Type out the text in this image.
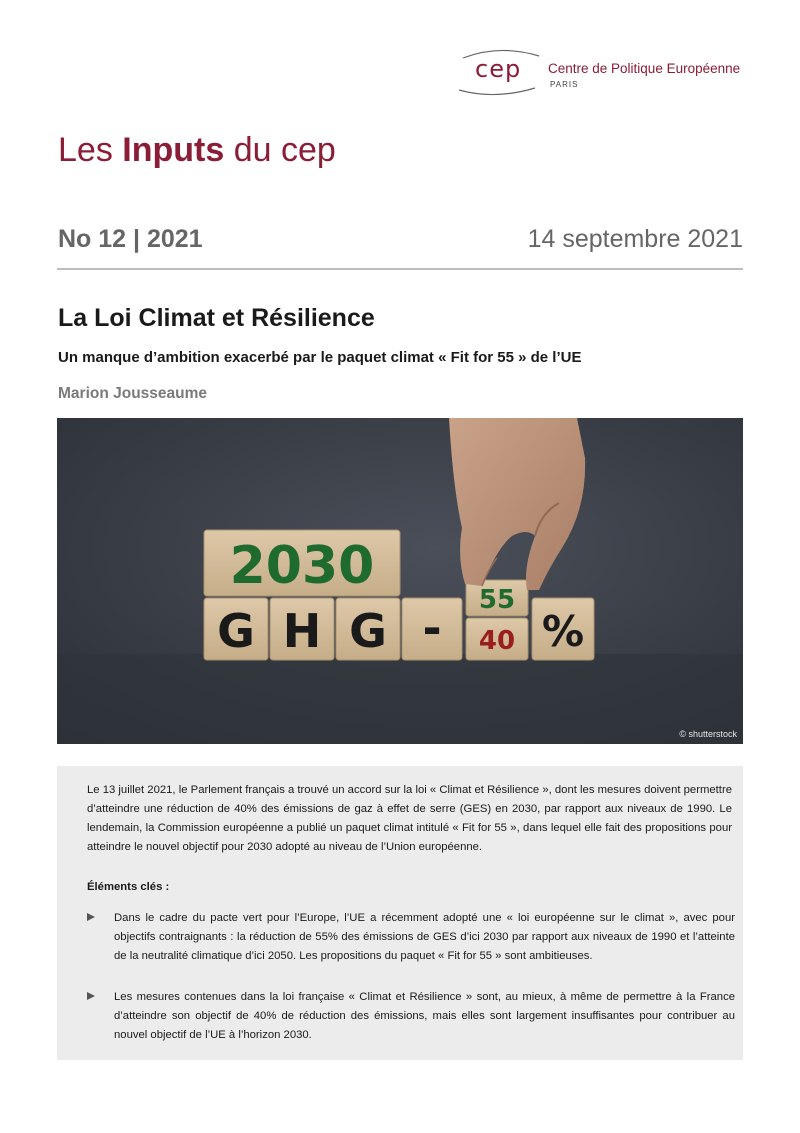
cep Centre de Politique Européenne
PARIS
Les Inputs du cep
No 12 | 2021	14 septembre 2021
La Loi Climat et Résilience
Un manque d’ambition exacerbé par le paquet climat « Fit for 55 » de l’UE
Marion Jousseaume
2030
G H G -
55
40 %
© shutterstock

Le 13 juillet 2021, le Parlement français a trouvé un accord sur la loi « Climat et Résilience », dont les mesures doivent permettre d’atteindre une réduction de 40% des émissions de gaz à effet de serre (GES) en 2030, par rapport aux niveaux de 1990. Le lendemain, la Commission européenne a publié un paquet climat intitulé « Fit for 55 », dans lequel elle fait des propositions pour atteindre le nouvel objectif pour 2030 adopté au niveau de l’Union européenne.

Éléments clés :

Dans le cadre du pacte vert pour l’Europe, l’UE a récemment adopté une « loi européenne sur le climat », avec pour objectifs contraignants : la réduction de 55% des émissions de GES d’ici 2030 par rapport aux niveaux de 1990 et l’atteinte de la neutralité climatique d’ici 2050. Les propositions du paquet « Fit for 55 » sont ambitieuses.

Les mesures contenues dans la loi française « Climat et Résilience » sont, au mieux, à même de permettre à la France d’atteindre son objectif de 40% de réduction des émissions, mais elles sont largement insuffisantes pour contribuer au nouvel objectif de l’UE à l’horizon 2030.
